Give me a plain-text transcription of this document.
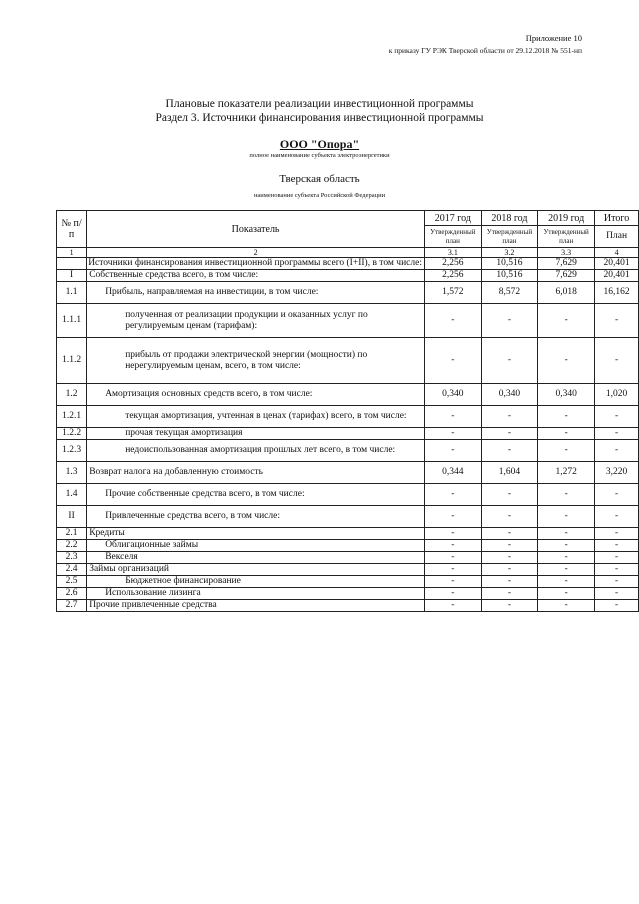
Приложение 10
к приказу ГУ РЭК Тверской области от 29.12.2018 № 551-нп
Плановые показатели реализации инвестиционной программы
Раздел 3. Источники финансирования инвестиционной программы
ООО "Опора"
полное наименование субъекта электроэнергетики
Тверская область
наименование субъекта Российской Федерации
№ п/п	Показатель	2017 год	2018 год	2019 год	Итого
		Утвержденный план	Утвержденный план	Утвержденный план	План
1	2	3.1	3.2	3.3	4
	Источники финансирования инвестиционной программы всего (I+II), в том числе:	2,256	10,516	7,629	20,401
I	Собственные средства всего, в том числе:	2,256	10,516	7,629	20,401
1.1	Прибыль, направляемая на инвестиции, в том числе:	1,572	8,572	6,018	16,162
1.1.1	полученная от реализации продукции и оказанных услуг по регулируемым ценам (тарифам):	-	-	-	-
1.1.2	прибыль от продажи электрической энергии (мощности) по нерегулируемым ценам, всего, в том числе:	-	-	-	-
1.2	Амортизация основных средств всего, в том числе:	0,340	0,340	0,340	1,020
1.2.1	текущая амортизация, учтенная в ценах (тарифах) всего, в том числе:	-	-	-	-
1.2.2	прочая текущая амортизация	-	-	-	-
1.2.3	недоиспользованная амортизация прошлых лет всего, в том числе:	-	-	-	-
1.3	Возврат налога на добавленную стоимость	0,344	1,604	1,272	3,220
1.4	Прочие собственные средства всего, в том числе:	-	-	-	-
II	Привлеченные средства всего, в том числе:	-	-	-	-
2.1	Кредиты	-	-	-	-
2.2	Облигационные займы	-	-	-	-
2.3	Векселя	-	-	-	-
2.4	Займы организаций	-	-	-	-
2.5	Бюджетное финансирование	-	-	-	-
2.6	Использование лизинга	-	-	-	-
2.7	Прочие привлеченные средства	-	-	-	-
